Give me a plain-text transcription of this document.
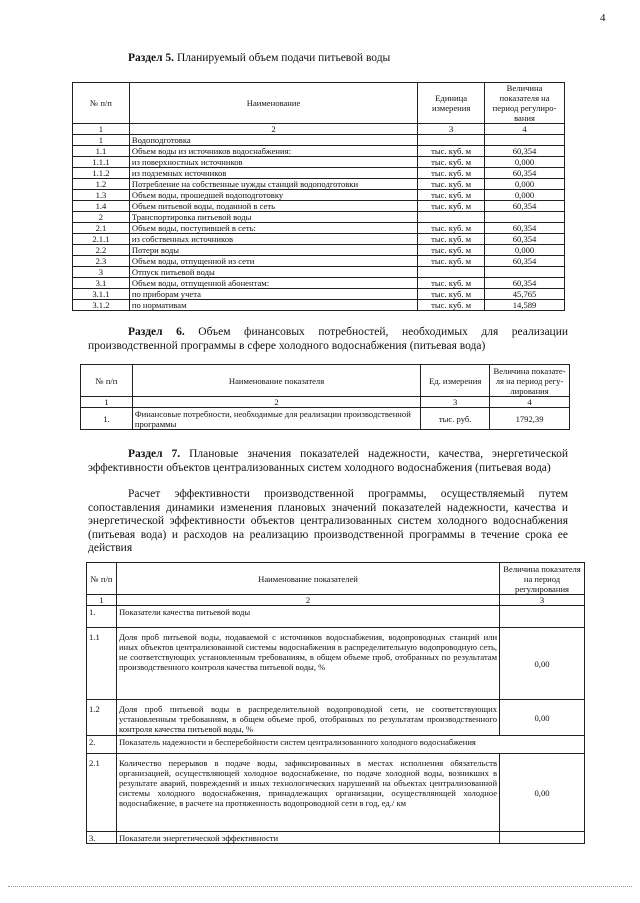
4
Раздел 5. Планируемый объем подачи питьевой воды
№ п/п	Наименование	Единица измерения	Величина показателя на период регулиро-вания
1	2	3	4
1	Водоподготовка		
1.1	Объем воды из источников водоснабжения:	тыс. куб. м	60,354
1.1.1	из поверхностных источников	тыс. куб. м	0,000
1.1.2	из подземных источников	тыс. куб. м	60,354
1.2	Потребление на собственные нужды станций водоподготовки	тыс. куб. м	0,000
1.3	Объем воды, прошедшей водоподготовку	тыс. куб. м	0,000
1.4	Объем питьевой воды, поданной в сеть	тыс. куб. м	60,354
2	Транспортировка питьевой воды		
2.1	Объем воды, поступившей в сеть:	тыс. куб. м	60,354
2.1.1	из собственных источников	тыс. куб. м	60,354
2.2	Потери воды	тыс. куб. м	0,000
2.3	Объем воды, отпущенной из сети	тыс. куб. м	60,354
3	Отпуск питьевой воды		
3.1	Объем воды, отпущенной абонентам:	тыс. куб. м	60,354
3.1.1	по приборам учета	тыс. куб. м	45,765
3.1.2	по нормативам	тыс. куб. м	14,589
Раздел 6. Объем финансовых потребностей, необходимых для реализации производственной программы в сфере холодного водоснабжения (питьевая вода)
№ п/п	Наименование показателя	Ед. измерения	Величина показате-ля на период регу-лирования
1	2	3	4
1.	Финансовые потребности, необходимые для реализации производственной программы	тыс. руб.	1792,39
Раздел 7. Плановые значения показателей надежности, качества, энергетической эффективности объектов централизованных систем холодного водоснабжения (питьевая вода)
Расчет эффективности производственной программы, осуществляемый путем сопоставления динамики изменения плановых значений показателей надежности, качества и энергетической эффективности объектов централизованных систем холодного водоснабжения (питьевая вода) и расходов на реализацию производственной программы в течение срока ее действия
№ п/п	Наименование показателей	Величина показателя на период регулирования
1	2	3
1.	Показатели качества питьевой воды	
1.1	Доля проб питьевой воды, подаваемой с источников водоснабжения, водопроводных станций или иных объектов централизованной системы водоснабжения в распределительную водопроводную сеть, не соответствующих установленным требованиям, в общем объеме проб, отобранных по результатам производственного контроля качества питьевой воды, %	0,00
1.2	Доля проб питьевой воды в распределительной водопроводной сети, не соответствующих установленным требованиям, в общем объеме проб, отобранных по результатам производственного контроля качества питьевой воды, %	0,00
2.	Показатель надежности и бесперебойности систем централизованного холодного водоснабжения	
2.1	Количество перерывов в подаче воды, зафиксированных в местах исполнения обязательств организацией, осуществляющей холодное водоснабжение, по подаче холодной воды, возникших в результате аварий, повреждений и иных технологических нарушений на объектах централизованной системы холодного водоснабжения, принадлежащих организации, осуществляющей холодное водоснабжение, в расчете на протяженность водопроводной сети в год, ед./ км	0,00
3.	Показатели энергетической эффективности	
